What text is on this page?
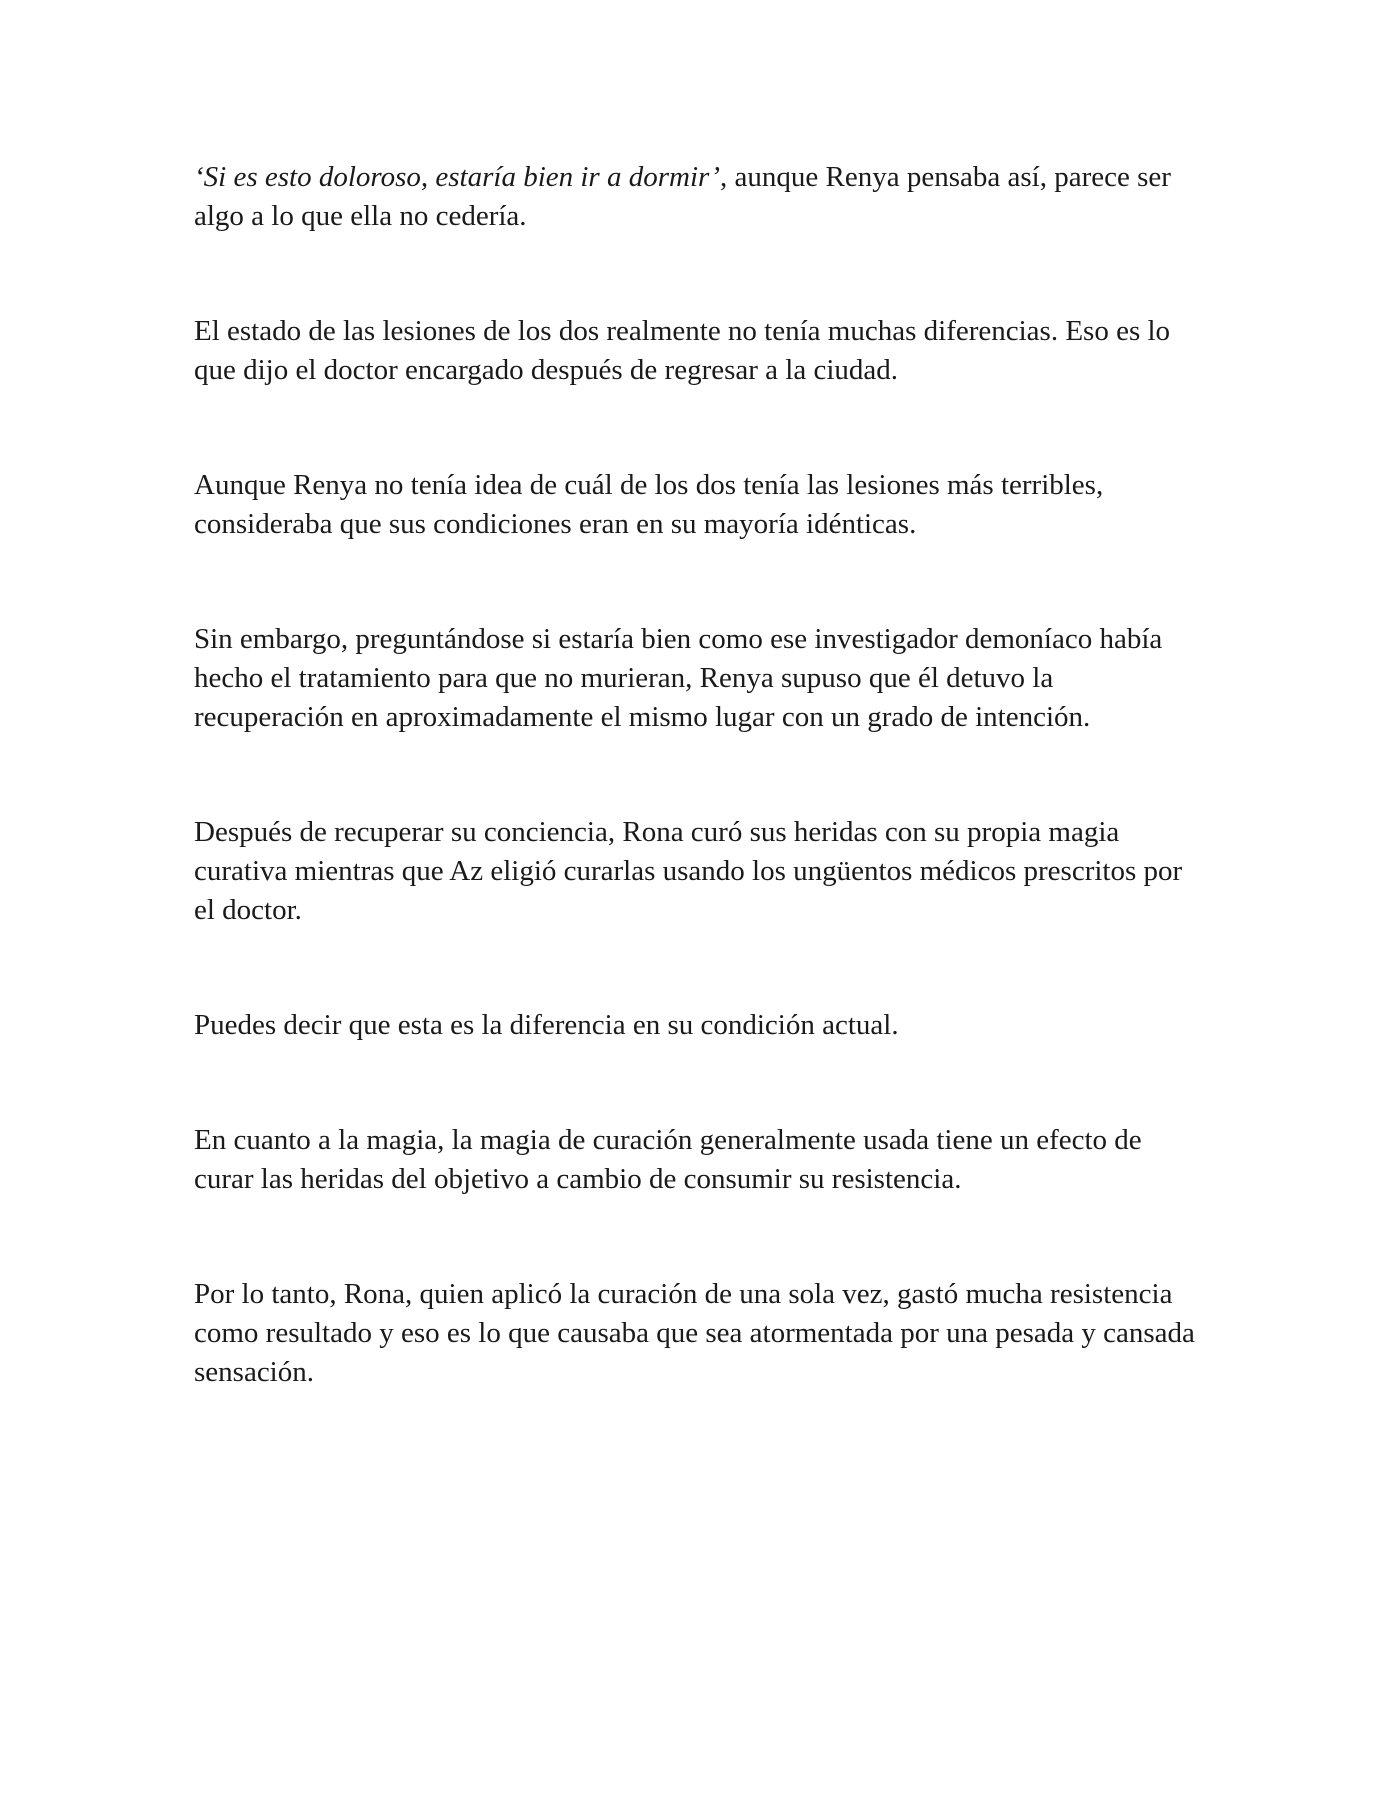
‘Si es esto doloroso, estaría bien ir a dormir’, aunque Renya pensaba así, parece ser algo a lo que ella no cedería.

El estado de las lesiones de los dos realmente no tenía muchas diferencias. Eso es lo que dijo el doctor encargado después de regresar a la ciudad.

Aunque Renya no tenía idea de cuál de los dos tenía las lesiones más terribles, consideraba que sus condiciones eran en su mayoría idénticas.

Sin embargo, preguntándose si estaría bien como ese investigador demoníaco había hecho el tratamiento para que no murieran, Renya supuso que él detuvo la recuperación en aproximadamente el mismo lugar con un grado de intención.

Después de recuperar su conciencia, Rona curó sus heridas con su propia magia curativa mientras que Az eligió curarlas usando los ungüentos médicos prescritos por el doctor.

Puedes decir que esta es la diferencia en su condición actual.

En cuanto a la magia, la magia de curación generalmente usada tiene un efecto de curar las heridas del objetivo a cambio de consumir su resistencia.

Por lo tanto, Rona, quien aplicó la curación de una sola vez, gastó mucha resistencia como resultado y eso es lo que causaba que sea atormentada por una pesada y cansada sensación.
